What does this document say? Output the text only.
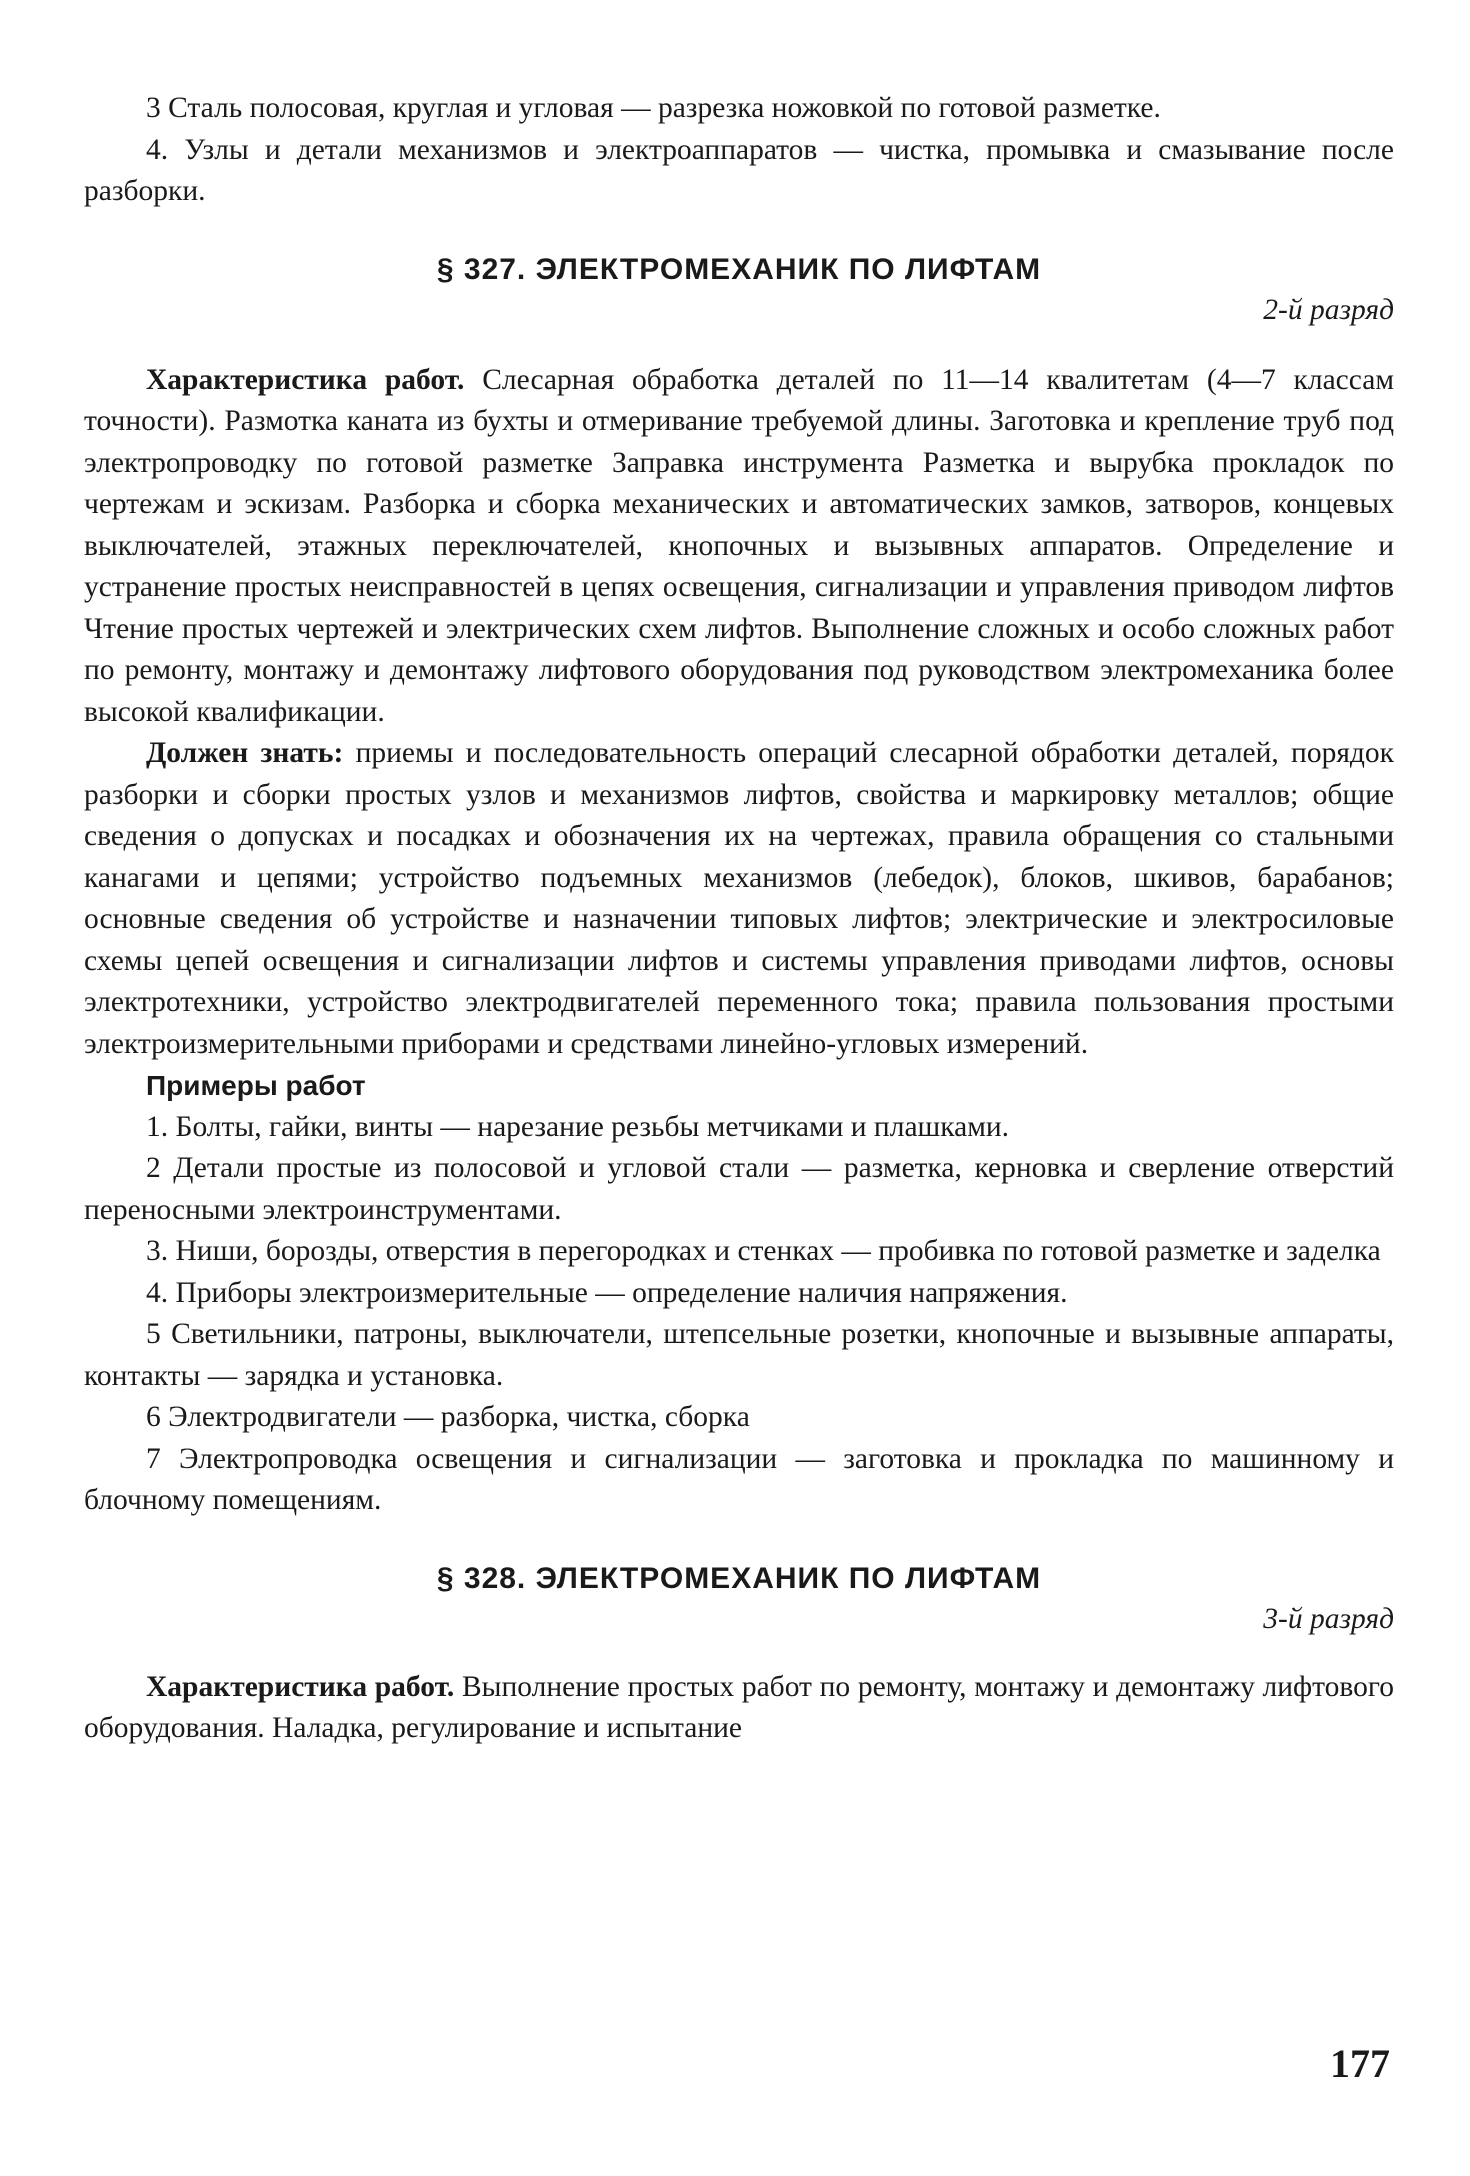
3 Сталь полосовая, круглая и угловая — разрезка ножовкой по готовой разметке.

4. Узлы и детали механизмов и электроаппаратов — чистка, промывка и смазывание после разборки.

§ 327. ЭЛЕКТРОМЕХАНИК ПО ЛИФТАМ
2-й разряд

Характеристика работ. Слесарная обработка деталей по 11—14 квалитетам (4—7 классам точности). Размотка каната из бухты и отмеривание требуемой длины. Заготовка и крепление труб под электропроводку по готовой разметке Заправка инструмента Разметка и вырубка прокладок по чертежам и эскизам. Разборка и сборка механических и автоматических замков, затворов, концевых выключателей, этажных переключателей, кнопочных и вызывных аппаратов. Определение и устранение простых неисправностей в цепях освещения, сигнализации и управления приводом лифтов Чтение простых чертежей и электрических схем лифтов. Выполнение сложных и особо сложных работ по ремонту, монтажу и демонтажу лифтового оборудования под руководством электромеханика более высокой квалификации.

Должен знать: приемы и последовательность операций слесарной обработки деталей, порядок разборки и сборки простых узлов и механизмов лифтов, свойства и маркировку металлов; общие сведения о допусках и посадках и обозначения их на чертежах, правила обращения со стальными канагами и цепями; устройство подъемных механизмов (лебедок), блоков, шкивов, барабанов; основные сведения об устройстве и назначении типовых лифтов; электрические и электросиловые схемы цепей освещения и сигнализации лифтов и системы управления приводами лифтов, основы электротехники, устройство электродвигателей переменного тока; правила пользования простыми электроизмерительными приборами и средствами линейно-угловых измерений.

Примеры работ

1. Болты, гайки, винты — нарезание резьбы метчиками и плашками.

2 Детали простые из полосовой и угловой стали — разметка, керновка и сверление отверстий переносными электроинструментами.

3. Ниши, борозды, отверстия в перегородках и стенках — пробивка по готовой разметке и заделка

4. Приборы электроизмерительные — определение наличия напряжения.

5 Светильники, патроны, выключатели, штепсельные розетки, кнопочные и вызывные аппараты, контакты — зарядка и установка.

6 Электродвигатели — разборка, чистка, сборка

7 Электропроводка освещения и сигнализации — заготовка и прокладка по машинному и блочному помещениям.

§ 328. ЭЛЕКТРОМЕХАНИК ПО ЛИФТАМ
3-й разряд

Характеристика работ. Выполнение простых работ по ремонту, монтажу и демонтажу лифтового оборудования. Наладка, регулирование и испытание

177
